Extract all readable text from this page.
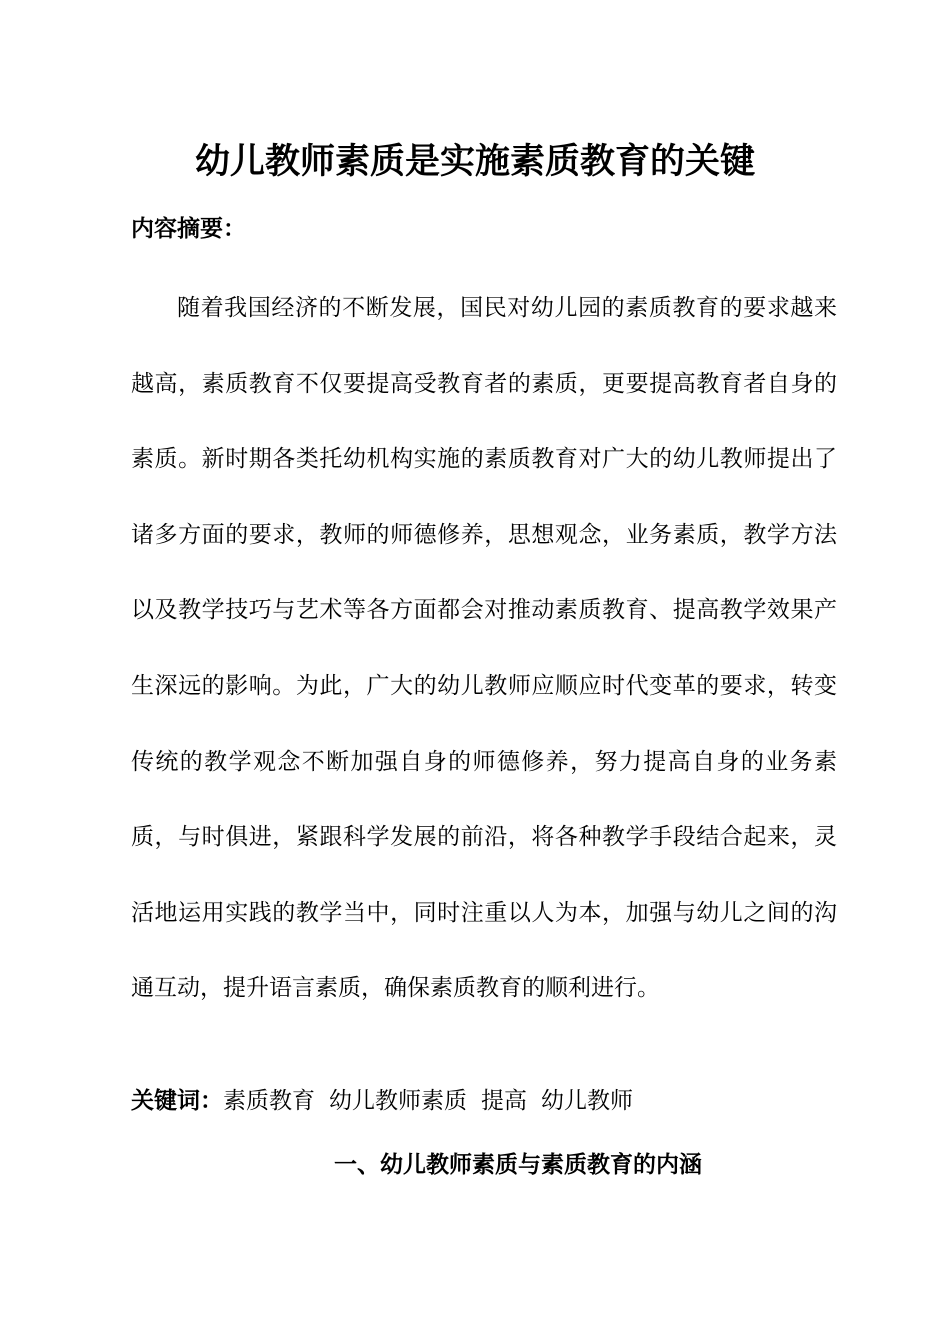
幼儿教师素质是实施素质教育的关键
内容摘要：

随着我国经济的不断发展，国民对幼儿园的素质教育的要求越来越高，素质教育不仅要提高受教育者的素质，更要提高教育者自身的素质。新时期各类托幼机构实施的素质教育对广大的幼儿教师提出了诸多方面的要求，教师的师德修养，思想观念，业务素质，教学方法以及教学技巧与艺术等各方面都会对推动素质教育、提高教学效果产生深远的影响。为此，广大的幼儿教师应顺应时代变革的要求，转变传统的教学观念不断加强自身的师德修养，努力提高自身的业务素质，与时俱进，紧跟科学发展的前沿，将各种教学手段结合起来，灵活地运用实践的教学当中，同时注重以人为本，加强与幼儿之间的沟通互动，提升语言素质，确保素质教育的顺利进行。

关键词：素质教育 幼儿教师素质 提高 幼儿教师
一、幼儿教师素质与素质教育的内涵
